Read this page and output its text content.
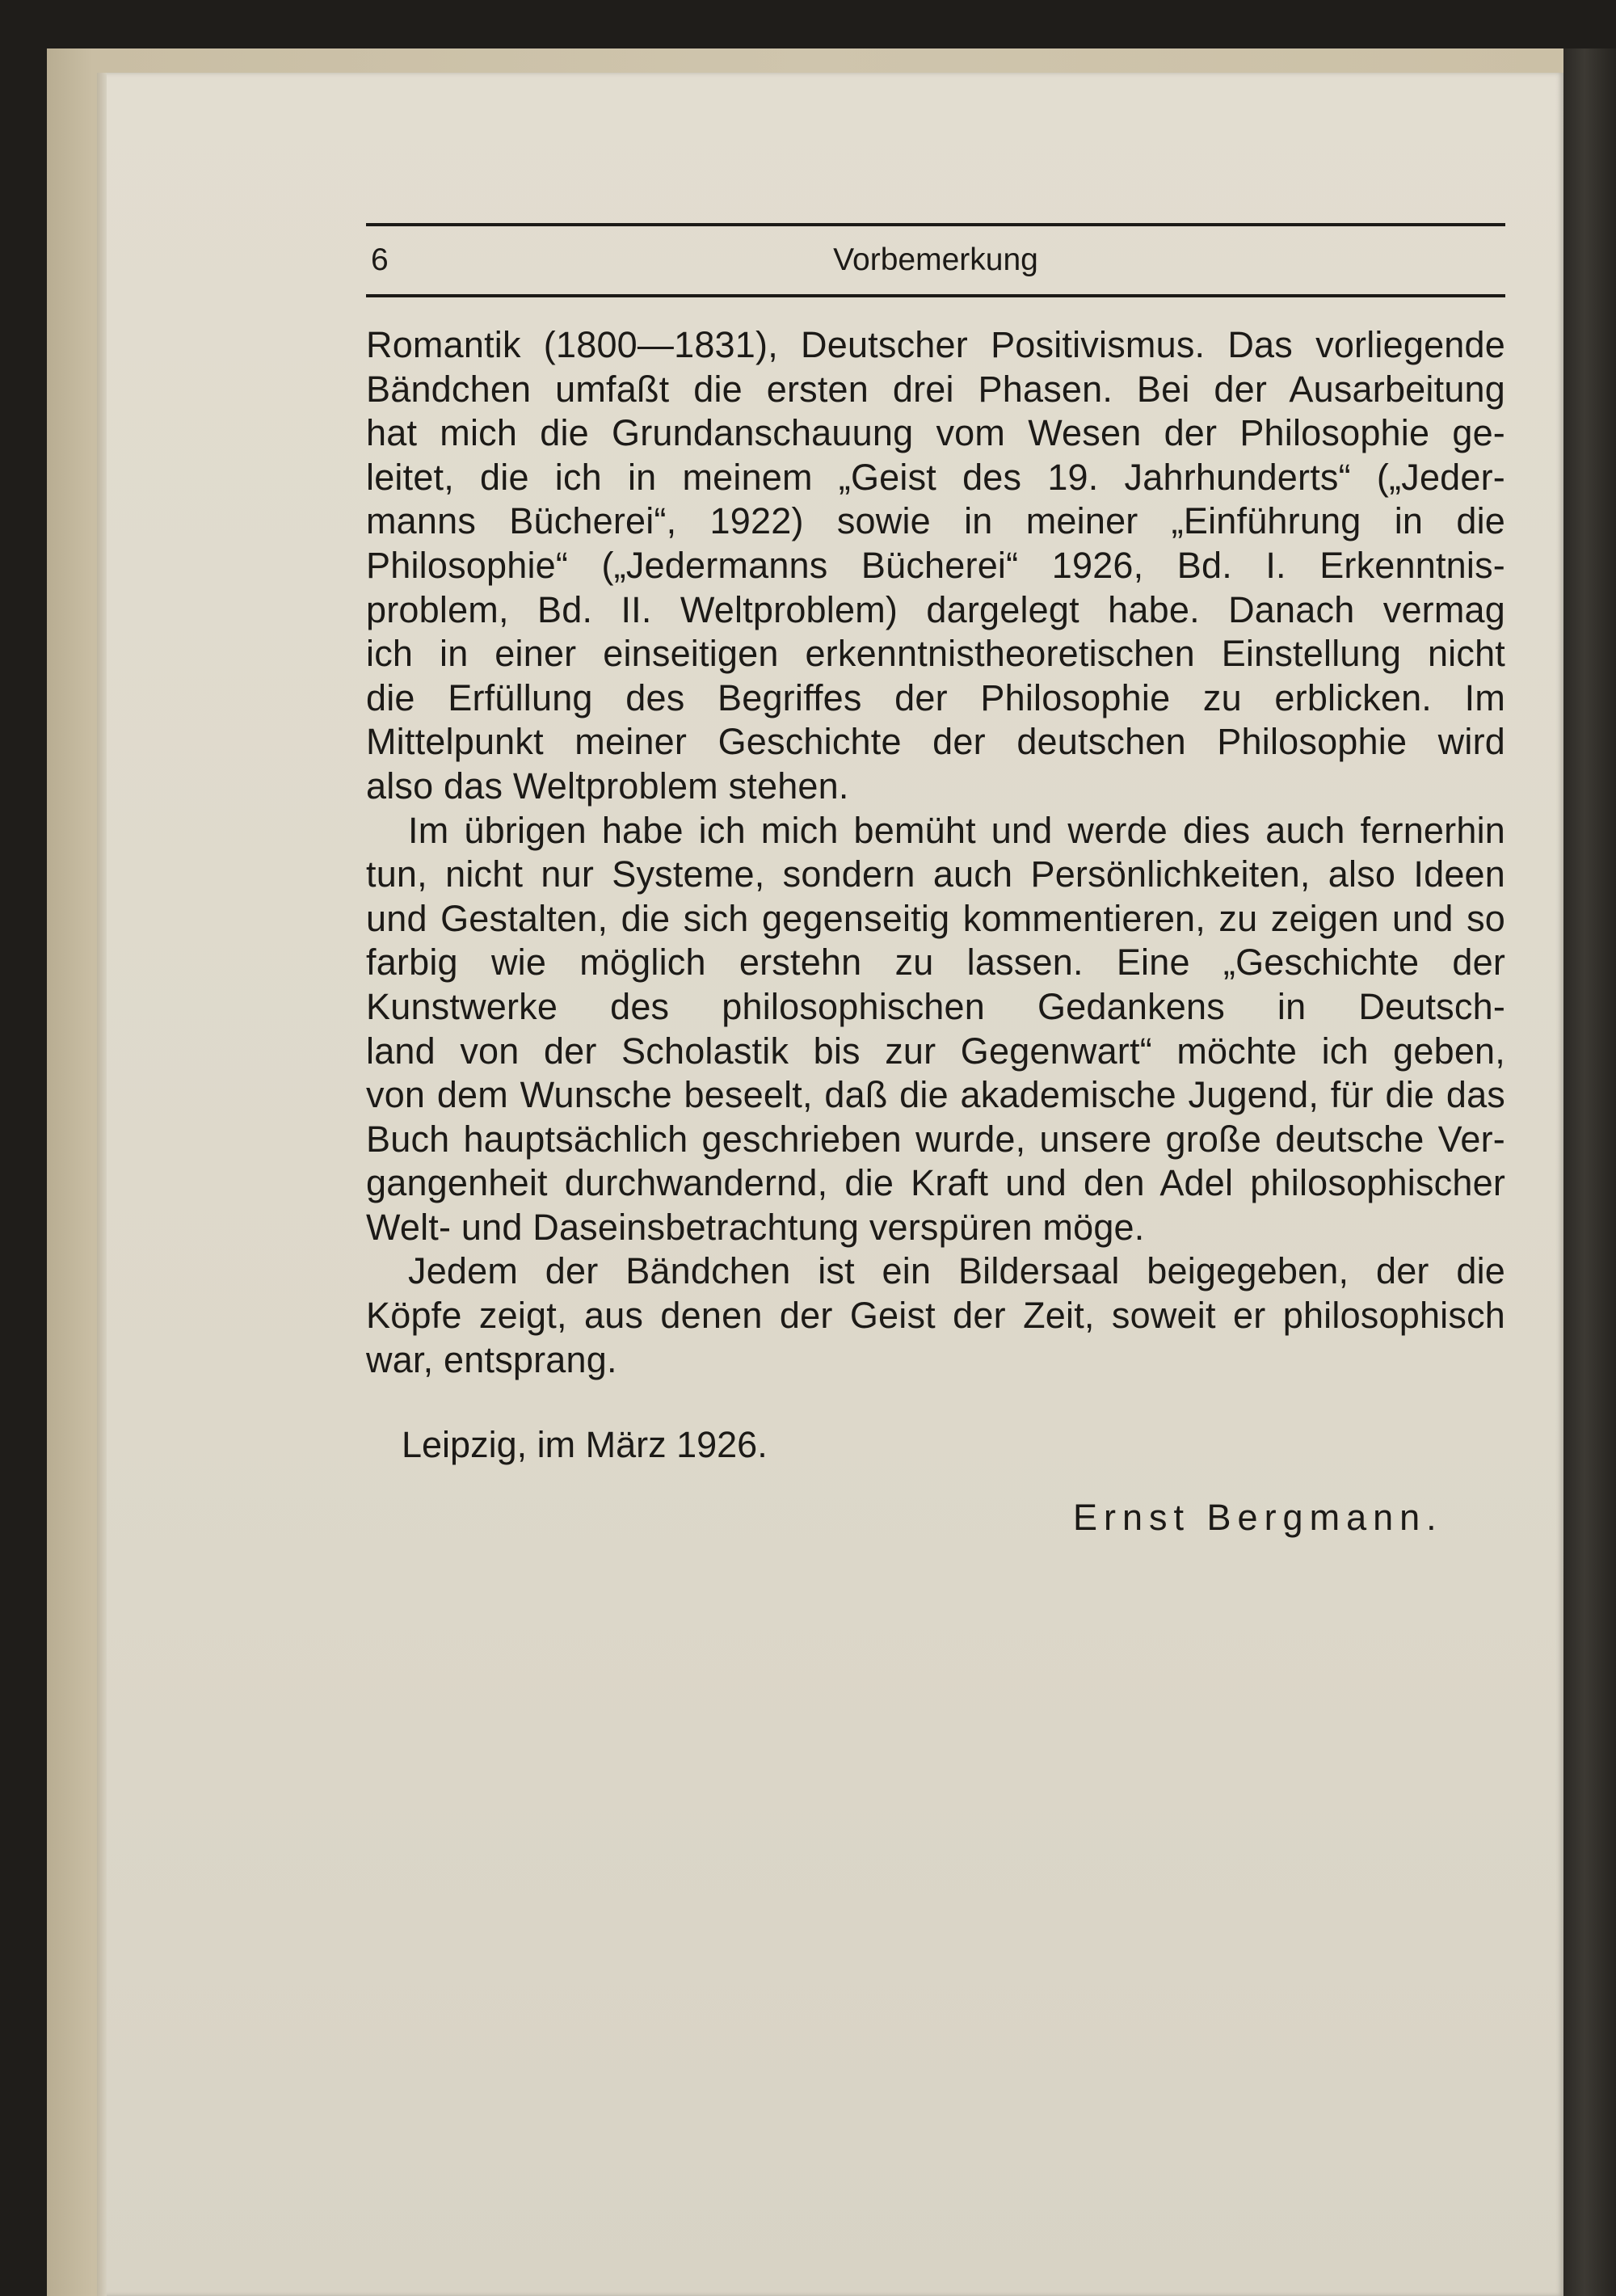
6	Vorbemerkung

Romantik (1800—1831), Deutscher Positivismus. Das vorliegende
Bändchen umfaßt die ersten drei Phasen. Bei der Ausarbeitung
hat mich die Grundanschauung vom Wesen der Philosophie ge-
leitet, die ich in meinem „Geist des 19. Jahrhunderts“ („Jeder-
manns Bücherei“, 1922) sowie in meiner „Einführung in die
Philosophie“ („Jedermanns Bücherei“ 1926, Bd. I. Erkenntnis-
problem, Bd. II. Weltproblem) dargelegt habe. Danach vermag
ich in einer einseitigen erkenntnistheoretischen Einstellung nicht
die Erfüllung des Begriffes der Philosophie zu erblicken. Im
Mittelpunkt meiner Geschichte der deutschen Philosophie wird
also das Weltproblem stehen.

Im übrigen habe ich mich bemüht und werde dies auch fernerhin
tun, nicht nur Systeme, sondern auch Persönlichkeiten, also Ideen
und Gestalten, die sich gegenseitig kommentieren, zu zeigen und so
farbig wie möglich erstehn zu lassen. Eine „Geschichte der
Kunstwerke des philosophischen Gedankens in Deutsch-
land von der Scholastik bis zur Gegenwart“ möchte ich geben,
von dem Wunsche beseelt, daß die akademische Jugend, für die das
Buch hauptsächlich geschrieben wurde, unsere große deutsche Ver-
gangenheit durchwandernd, die Kraft und den Adel philosophischer
Welt- und Daseinsbetrachtung verspüren möge.

Jedem der Bändchen ist ein Bildersaal beigegeben, der die
Köpfe zeigt, aus denen der Geist der Zeit, soweit er philosophisch
war, entsprang.

Leipzig, im März 1926.
Ernst Bergmann.
